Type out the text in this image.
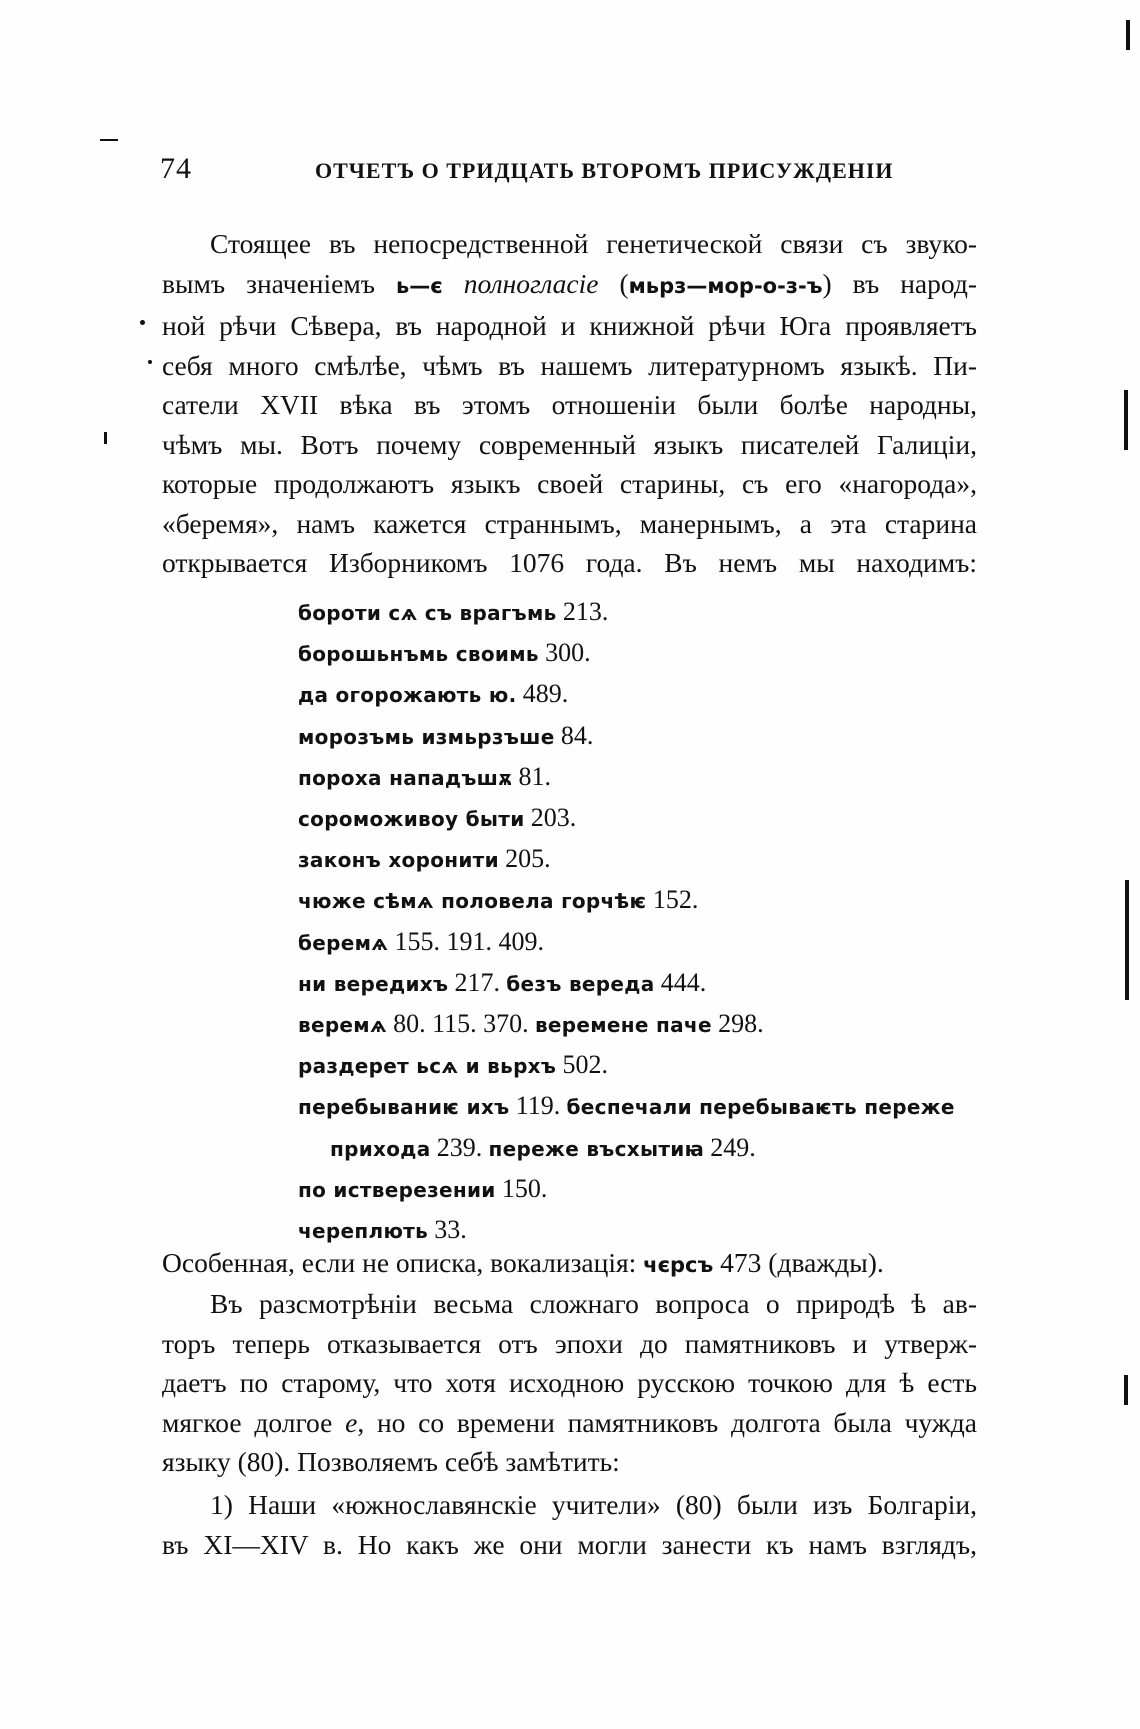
74	ОТЧЕТЪ О ТРИДЦАТЬ ВТОРОМЪ ПРИСУЖДЕНІИ
Стоящее въ непосредственной генетической связи съ звуко-
вымъ значеніемъ ь—є полногласіе (мьрз—мор-о-з-ъ) въ народ-
ной рѣчи Сѣвера, въ народной и книжной рѣчи Юга проявляетъ
себя много смѣлѣе, чѣмъ въ нашемъ литературномъ языкѣ. Пи-
сатели XVII вѣка въ этомъ отношеніи были болѣе народны,
чѣмъ мы. Вотъ почему современный языкъ писателей Галиціи,
которые продолжаютъ языкъ своей старины, съ его «нагорода»,
«беремя», намъ кажется страннымъ, манернымъ, а эта старина
открывается Изборникомъ 1076 года. Въ немъ мы находимъ:
бороти сѧ съ врагъмь 213.
борошьнъмь своимь 300.
да огорожають ю. 489.
морозъмь измьрзъше 84.
пороха нападъшѫ 81.
сороможивоу быти 203.
законъ хоронити 205.
чюже сѣмѧ половела горчѣѥ 152.
беремѧ 155. 191. 409.
ни вередихъ 217. безъ вереда 444.
веремѧ 80. 115. 370. веремене паче 298.
раздерет ьсѧ и вьрхъ 502.
перебываниѥ ихъ 119. беспечали перебываѥть переже
прихода 239. переже въсхытиꙗ 249.
по истверезении 150.
череплють 33.
Особенная, если не описка, вокализація: чєрсъ 473 (дважды).
Въ разсмотрѣніи весьма сложнаго вопроса о природѣ ѣ ав-
торъ теперь отказывается отъ эпохи до памятниковъ и утверж-
даетъ по старому, что хотя исходною русскою точкою для ѣ есть
мягкое долгое е, но со времени памятниковъ долгота была чужда
языку (80). Позволяемъ себѣ замѣтить:
1) Наши «южнославянскіе учители» (80) были изъ Болгаріи,
въ XI—XIV в. Но какъ же они могли занести къ намъ взглядъ,
